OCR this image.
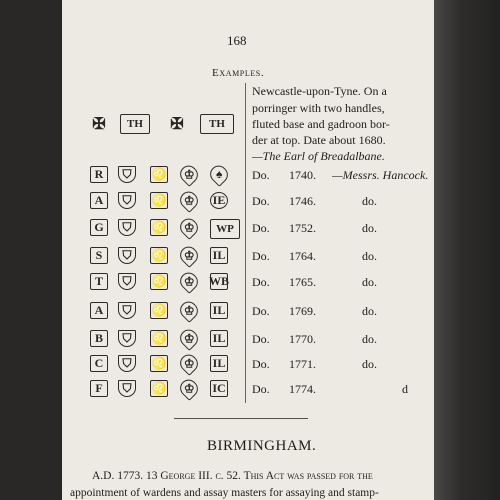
168
Examples.
Newcastle-upon-Tyne. On a
porringer with two handles,
fluted base and gadroon bor-
der at top. Date about 1680.
—The Earl of Breadalbane.
✠ TH ✠ TH
R ⛉ ♌ ♔ ♠ Do. 1740. —Messrs. Hancock.
A ⛉ ♌ ♔ IE Do. 1746.	do.
G ⛉ ♌ ♔ WP Do. 1752.	do.
S ⛉ ♌ ♔ IL Do. 1764.	do.
T ⛉ ♌ ♔ WB Do. 1765.	do.
A ⛉ ♌ ♔ IL Do. 1769.	do.
B ⛉ ♌ ♔ IL Do. 1770.	do.
C ⛉ ♌ ♔ IL Do. 1771.	do.
F ⛉ ♌ ♔ IC Do. 1774.	d
BIRMINGHAM.
A.D. 1773. 13 George III. c. 52. This Act was passed for the
appointment of wardens and assay masters for assaying and stamp-
